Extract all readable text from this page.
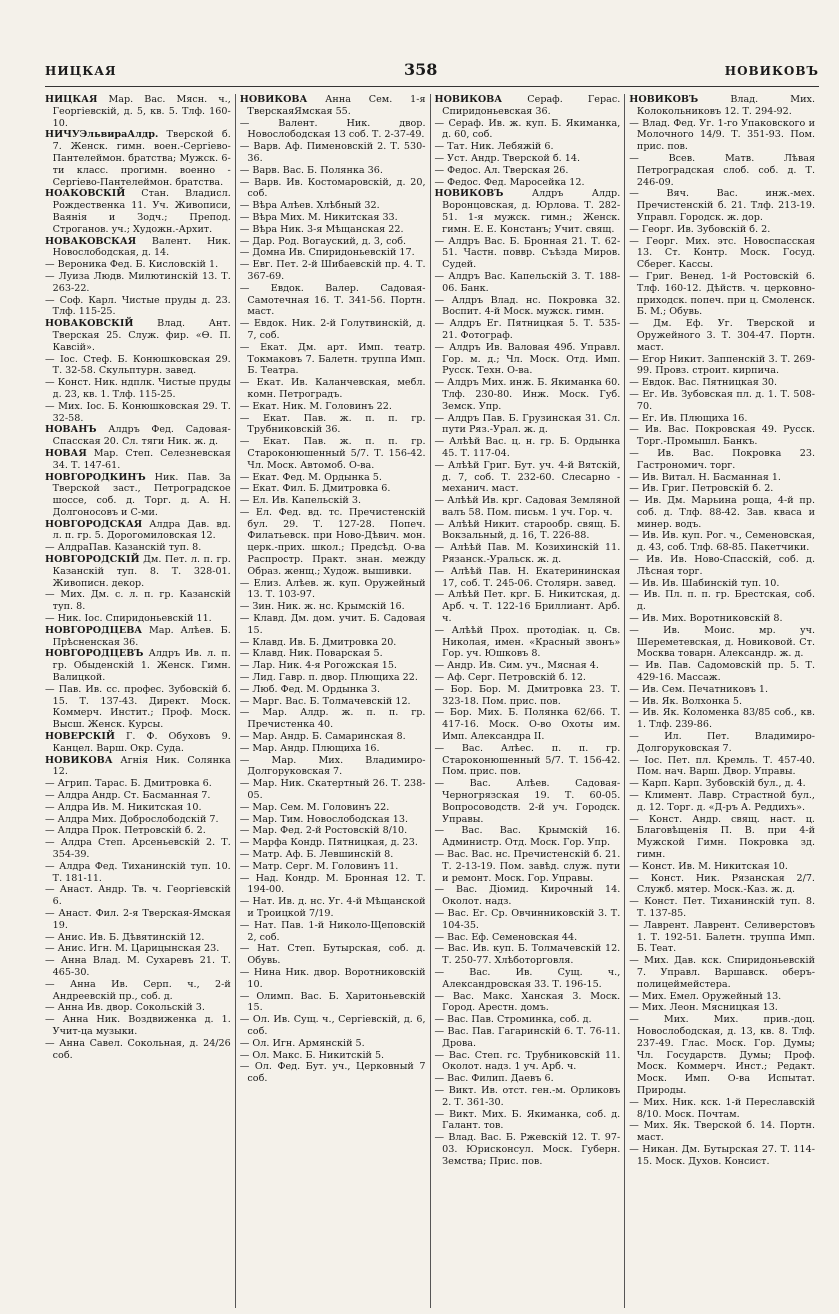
НИЦКАЯ	358	НОВИКОВЪ
НИЦКАЯ Мар. Вас. Мясн. ч., Георгіевскій, д. 5, кв. 5. Тлф. 160-10.
НИЧУЭльвираАлдр. Тверской б. 7. Женск. гимн. воен.-Сергіево-Пантелеймон. братства; Мужск. 6-ти класс. прогимн. военно - Сергіево-Пантелеймон. братства.
НОАКОВСКІЙ Стан. Владисл. Рождественка 11. Уч. Живописи, Ваянія и Зодч.; Препод. Строганов. уч.; Художн.-Архит.
НОВАКОВСКАЯ Валент. Ник. Новослободская, д. 14.
— Вероника Фед. Б. Кисловскій 1.
— Луиза Людв. Милютинскій 13. Т. 263-22.
— Соф. Карл. Чистые пруды д. 23. Тлф. 115-25.
НОВАКОВСКІЙ Влад. Ант. Тверская 25. Служ. фир. «Ө. П. Кавсій».
— Іос. Стеф. Б. Конюшковская 29. Т. 32-58. Скульптурн. завед.
— Конст. Ник. ндплк. Чистые пруды д. 23, кв. 1. Тлф. 115-25.
— Мих. Іос. Б. Конюшковская 29. Т. 32-58.
НОВАНЪ Алдръ Фед. Садовая-Спасская 20. Сл. тяги Ник. ж. д.
НОВАЯ Мар. Степ. Селезневская 34. Т. 147-61.
НОВГОРОДКИНЪ Ник. Пав. За Тверской заст., Петроградское шоссе, соб. д. Торг. д. А. Н. Долгоносовъ и С-ми.
НОВГОРОДСКАЯ Алдра Дав. вд. л. п. гр. 5. Дорогомиловская 12.
— АлдраПав. Казанскій туп. 8.
НОВГОРОДСКІЙ Дм. Пет. л. п. гр. Казанскій туп. 8. Т. 328-01. Живописн. декор.
— Мих. Дм. с. л. п. гр. Казанскій туп. 8.
— Ник. Іос. Спиридоньевскій 11.
НОВГОРОДЦЕВА Мар. Алѣев. Б. Прѣсненская 36.
НОВГОРОДЦЕВЪ Алдръ Ив. л. п. гр. Обыденскій 1. Женск. Гимн. Валицкой.
— Пав. Ив. сс. профес. Зубовскій б. 15. Т. 137-43. Директ. Моск. Коммерч. Инстит.; Проф. Моск. Высш. Женск. Курсы.
НОВЕРСКІЙ Г. Ф. Обуховъ 9. Канцел. Варш. Окр. Суда.
НОВИКОВА Агнія Ник. Солянка 12.
— Агрип. Тарас. Б. Дмитровка 6.
— Алдра Андр. Ст. Басманная 7.
— Алдра Ив. М. Никитская 10.
— Алдра Мих. Доброслободскій 7.
— Алдра Прок. Петровскій б. 2.
— Алдра Степ. Арсеньевскій 2. Т. 354-39.
— Алдра Фед. Тиханинскій туп. 10. Т. 181-11.
— Анаст. Андр. Тв. ч. Георгіевскій 6.
— Анаст. Фил. 2-я Тверская-Ямская 19.
— Анис. Ив. Б. Дѣвятинскій 12.
— Анис. Игн. М. Царицынская 23.
— Анна Влад. М. Сухаревъ 21. Т. 465-30.
— Анна Ив. Серп. ч., 2-й Андреевскій пр., соб. д.
— Анна Ив. двор. Сокольскій 3.
— Анна Ник. Воздвиженка д. 1. Учит-ца музыки.
— Анна Савел. Сокольная, д. 24/26 соб.
НОВИКОВА Анна Сем. 1-я ТверскаяЯмская 55.
— Валент. Ник. двор. Новослободская 13 соб. Т. 2-37-49.
— Варв. Аф. Пименовскій 2. Т. 530-36.
— Варв. Вас. Б. Полянка 36.
— Варв. Ив. Костомаровскій, д. 20, соб.
— Вѣра Алѣев. Хлѣбный 32.
— Вѣра Мих. М. Никитская 33.
— Вѣра Ник. 3-я Мѣщанская 22.
— Дар. Род. Вогауский, д. 3, соб.
— Домна Ив. Спиридоньевскій 17.
— Евг. Пет. 2-й Шибаевскій пр. 4. Т. 367-69.
— Евдок. Валер. Садовая-Самотечная 16. Т. 341-56. Портн. маст.
— Евдок. Ник. 2-й Голутвинскій, д. 7, соб.
— Екат. Дм. арт. Имп. театр. Токмаковъ 7. Балетн. труппа Имп. Б. Театра.
— Екат. Ив. Каланчевская, мебл. комн. Петроградъ.
— Екат. Ник. М. Головинъ 22.
— Екат. Пав. ж. п. п. гр. Трубниковскій 36.
— Екат. Пав. ж. п. п. гр. Староконюшенный 5/7. Т. 156-42. Чл. Моск. Автомоб. О-ва.
— Екат. Фед. М. Ордынка 5.
— Екат. Фил. Б. Дмитровка 6.
— Ел. Ив. Капельскій 3.
— Ел. Фед. вд. тс. Пречистенскій бул. 29. Т. 127-28. Попеч. Филатьевск. при Ново-Дѣвич. мон. церк.-прих. школ.; Предсѣд. О-ва Распростр. Практ. знан. между Образ. женщ.; Худож. вышивки.
— Елиз. Алѣев. ж. куп. Оружейный 13. Т. 103-97.
— Зин. Ник. ж. нс. Крымскій 16.
— Клавд. Дм. дом. учит. Б. Садовая 15.
— Клавд. Ив. Б. Дмитровка 20.
— Клавд. Ник. Поварская 5.
— Лар. Ник. 4-я Рогожская 15.
— Лид. Гавр. п. двор. Плющиха 22.
— Люб. Фед. М. Ордынка 3.
— Марг. Вас. Б. Толмачевскій 12.
— Мар. Алдр. ж. п. п. гр. Пречистенка 40.
— Мар. Андр. Б. Самаринская 8.
— Мар. Андр. Плющиха 16.
— Мар. Мих. Владимиро-Долгоруковская 7.
— Мар. Ник. Скатертный 26. Т. 238-05.
— Мар. Сем. М. Головинъ 22.
— Мар. Тим. Новослободская 13.
— Мар. Фед. 2-й Ростовскій 8/10.
— Марфа Кондр. Пятницкая, д. 23.
— Матр. Аф. Б. Левшинскій 8.
— Матр. Серг. М. Головинъ 11.
— Над. Кондр. М. Бронная 12. Т. 194-00.
— Нат. Ив. д. нс. Уг. 4-й Мѣщанской и Троицкой 7/19.
— Нат. Пав. 1-й Николо-Щеповскій 2, соб.
— Нат. Степ. Бутырская, соб. д. Обувь.
— Нина Ник. двор. Воротниковскій 10.
— Олимп. Вас. Б. Харитоньевскій 15.
— Ол. Ив. Сущ. ч., Сергіевскій, д. 6, соб.
— Ол. Игн. Армянскій 5.
— Ол. Макс. Б. Никитскій 5.
— Ол. Фед. Бут. уч., Церковный 7 соб.
НОВИКОВА Сераф. Герас. Спиридоньевская 36.
— Сераф. Ив. ж. куп. Б. Якиманка, д. 60, соб.
— Тат. Ник. Лебяжій 6.
— Уст. Андр. Тверской б. 14.
— Федос. Ал. Тверская 26.
— Федос. Фед. Маросейка 12.
НОВИКОВЪ Алдръ Алдр. Воронцовская, д. Юрлова. Т. 282-51. 1-я мужск. гимн.; Женск. гимн. Е. Е. Констанъ; Учит. свящ.
— Алдръ Вас. Б. Бронная 21. Т. 62-51. Частн. поввр. Съѣзда Миров. Судей.
— Алдръ Вас. Капельскій 3. Т. 188-06. Банк.
— Алдръ Влад. нс. Покровка 32. Воспит. 4-й Моск. мужск. гимн.
— Алдръ Ег. Пятницкая 5. Т. 535-21. Фотограф.
— Алдръ Ив. Валовая 49б. Управл. Гор. м. д.; Чл. Моск. Отд. Имп. Русск. Техн. О-ва.
— Алдръ Мих. инж. Б. Якиманка 60. Тлф. 230-80. Инж. Моск. Губ. Земск. Упр.
— Алдръ Пав. Б. Грузинская 31. Сл. пути Ряз.-Урал. ж. д.
— Алѣѣй Вас. ц. н. гр. Б. Ордынка 45. Т. 117-04.
— Алѣѣй Григ. Бут. уч. 4-й Вятскій, д. 7, соб. Т. 232-60. Слесарно - механич. маст.
— Алѣѣй Ив. крг. Садовая Земляной валъ 58. Пом. письм. 1 уч. Гор. ч.
— Алѣѣй Никит. старообр. свящ. Б. Вокзальный, д. 16, Т. 226-88.
— Алѣѣй Пав. М. Козихинскій 11. Рязанск.-Уральск. ж. д.
— Алѣѣй Пав. Н. Екатерининская 17, соб. Т. 245-06. Столярн. завед.
— Алѣѣй Пет. крг. Б. Никитская, д. Арб. ч. Т. 122-16 Бриллиант. Арб. ч.
— Алѣѣй Прох. протодіак. ц. Св. Николая, имен. «Красный звонъ» Гор. уч. Юшковъ 8.
— Андр. Ив. Сим. уч., Мясная 4.
— Аф. Серг. Петровскій б. 12.
— Бор. Бор. М. Дмитровка 23. Т. 323-18. Пом. прис. пов.
— Бор. Мих. Б. Полянка 62/66. Т. 417-16. Моск. О-во Охоты им. Имп. Александра II.
— Вас. Алѣес. п. п. гр. Староконюшенный 5/7. Т. 156-42. Пом. прис. пов.
— Вас. Алѣев. Садовая-Черногрязская 19. Т. 60-05. Вопросоводств. 2-й уч. Городск. Управы.
— Вас. Вас. Крымскій 16. Администр. Отд. Моск. Гор. Упр.
— Вас. Вас. нс. Пречистенскій б. 21. Т. 2-13-19. Пом. завѣд. служ. пути и ремонт. Моск. Гор. Управы.
— Вас. Діомид. Кирочный 14. Околот. надз.
— Вас. Ег. Ср. Овчинниковскій 3. Т. 104-35.
— Вас. Еф. Семеновская 44.
— Вас. Ив. куп. Б. Толмачевскій 12. Т. 250-77. Хлѣботорговля.
— Вас. Ив. Сущ. ч., Александровская 33. Т. 196-15.
— Вас. Макс. Ханская 3. Моск. Город. Арестн. домъ.
— Вас. Пав. Строминка, соб. д.
— Вас. Пав. Гагаринскій 6. Т. 76-11. Дрова.
— Вас. Степ. гс. Трубниковскій 11. Околот. надз. 1 уч. Арб. ч.
— Вас. Филип. Даевъ 6.
— Викт. Ив. отст. ген.-м. Орликовъ 2. Т. 361-30.
— Викт. Мих. Б. Якиманка, соб. д. Галант. тов.
— Влад. Вас. Б. Ржевскій 12. Т. 97-03. Юрисконсул. Моск. Губерн. Земства; Прис. пов.
НОВИКОВЪ Влад. Мих. Колокольниковъ 12. Т. 294-92.
— Влад. Фед. Уг. 1-го Упаковского и Молочного 14/9. Т. 351-93. Пом. прис. пов.
— Всев. Матв. Лѣвая Петроградская слоб. соб. д. Т. 246-09.
— Вяч. Вас. инж.-мех. Пречистенскій б. 21. Тлф. 213-19. Управл. Городск. ж. дор.
— Георг. Ив. Зубовскій б. 2.
— Георг. Мих. этс. Новоспасская 13. Ст. Контр. Моск. Госуд. Сберег. Кассы.
— Григ. Венед. 1-й Ростовскій 6. Тлф. 160-12. Дѣйств. ч. церковно-приходск. попеч. при ц. Смоленск. Б. М.; Обувь.
— Дм. Еф. Уг. Тверской и Оружейного 3. Т. 304-47. Портн. маст.
— Егор Никит. Заппенскій 3. Т. 269-99. Провз. строит. кирпича.
— Евдок. Вас. Пятницкая 30.
— Ег. Ив. Зубовская пл. д. 1. Т. 508-70.
— Ег. Ив. Плющиха 16.
— Ив. Вас. Покровская 49. Русск. Торг.-Промышл. Банкъ.
— Ив. Вас. Покровка 23. Гастрономич. торг.
— Ив. Витал. Н. Басманная 1.
— Ив. Григ. Петровскій б. 2.
— Ив. Дм. Марьина роща, 4-й пр. соб. д. Тлф. 88-42. Зав. кваса и минер. водъ.
— Ив. Ив. куп. Рог. ч., Семеновская, д. 43, соб. Тлф. 68-85. Пакетчики.
— Ив. Ив. Ново-Спасскій, соб. д. Лѣсная торг.
— Ив. Ив. Шабинскій туп. 10.
— Ив. Пл. п. п. гр. Брестская, соб. д.
— Ив. Мих. Воротниковскій 8.
— Ив. Моис. мр. уч. Шереметевская, д. Новиковой. Ст. Москва товарн. Александр. ж. д.
— Ив. Пав. Садомовскій пр. 5. Т. 429-16. Массаж.
— Ив. Сем. Печатниковъ 1.
— Ив. Як. Волхонка 5.
— Ив. Як. Коломенка 83/85 соб., кв. 1. Тлф. 239-86.
— Ил. Пет. Владимиро-Долгоруковская 7.
— Іос. Пет. пл. Кремль. Т. 457-40. Пом. нач. Варш. Двор. Управы.
— Карп. Карп. Зубовскій бул., д. 4.
— Климент. Лавр. Страстной бул., д. 12. Торг. д. «Д-ръ А. Реддихъ».
— Конст. Андр. свящ. наст. ц. Благовѣщенія П. В. при 4-й Мужской Гимн. Покровка зд. гимн.
— Конст. Ив. М. Никитская 10.
— Конст. Ник. Рязанская 2/7. Служб. мятер. Моск.-Каз. ж. д.
— Конст. Пет. Тиханинскій туп. 8. Т. 137-85.
— Лаврент. Лаврент. Селиверстовъ 1. Т. 192-51. Балетн. труппа Имп. Б. Теат.
— Мих. Дав. кск. Спиридоньевскій 7. Управл. Варшавск. оберъ-полицеймейстера.
— Мих. Емел. Оружейный 13.
— Мих. Леон. Мясницкая 13.
— Мих. Мих. прив.-доц. Новослободская, д. 13, кв. 8. Тлф. 237-49. Глас. Моск. Гор. Думы; Чл. Государств. Думы; Проф. Моск. Коммерч. Инст.; Редакт. Моск. Имп. О-ва Испытат. Природы.
— Мих. Ник. кск. 1-й Переславскій 8/10. Моск. Почтам.
— Мих. Як. Тверской б. 14. Портн. маст.
— Никан. Дм. Бутырская 27. Т. 114-15. Моск. Духов. Консист.
